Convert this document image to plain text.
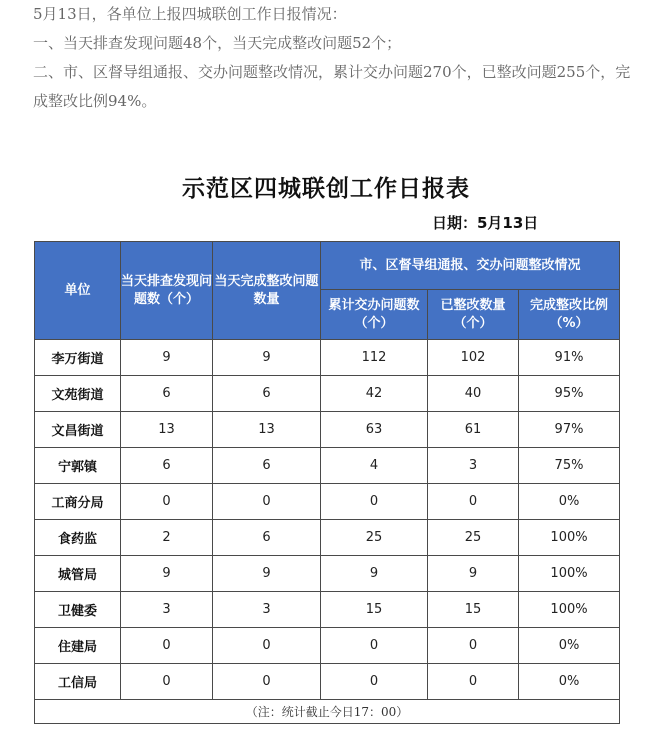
5月13日，各单位上报四城联创工作日报情况：

一、当天排查发现问题48个，当天完成整改问题52个；

二、市、区督导组通报、交办问题整改情况，累计交办问题270个，已整改问题255个，完成整改比例94%。

示范区四城联创工作日报表
日期：5月13日
单位	当天排查发现问题数（个）	当天完成整改问题数量	市、区督导组通报、交办问题整改情况		
			累计交办问题数（个）	已整改数量（个）	完成整改比例（%）
李万街道	9	9	112	102	91%
文苑街道	6	6	42	40	95%
文昌街道	13	13	63	61	97%
宁郭镇	6	6	4	3	75%
工商分局	0	0	0	0	0%
食药监	2	6	25	25	100%
城管局	9	9	9	9	100%
卫健委	3	3	15	15	100%
住建局	0	0	0	0	0%
工信局	0	0	0	0	0%
（注：统计截止今日17：00）					
